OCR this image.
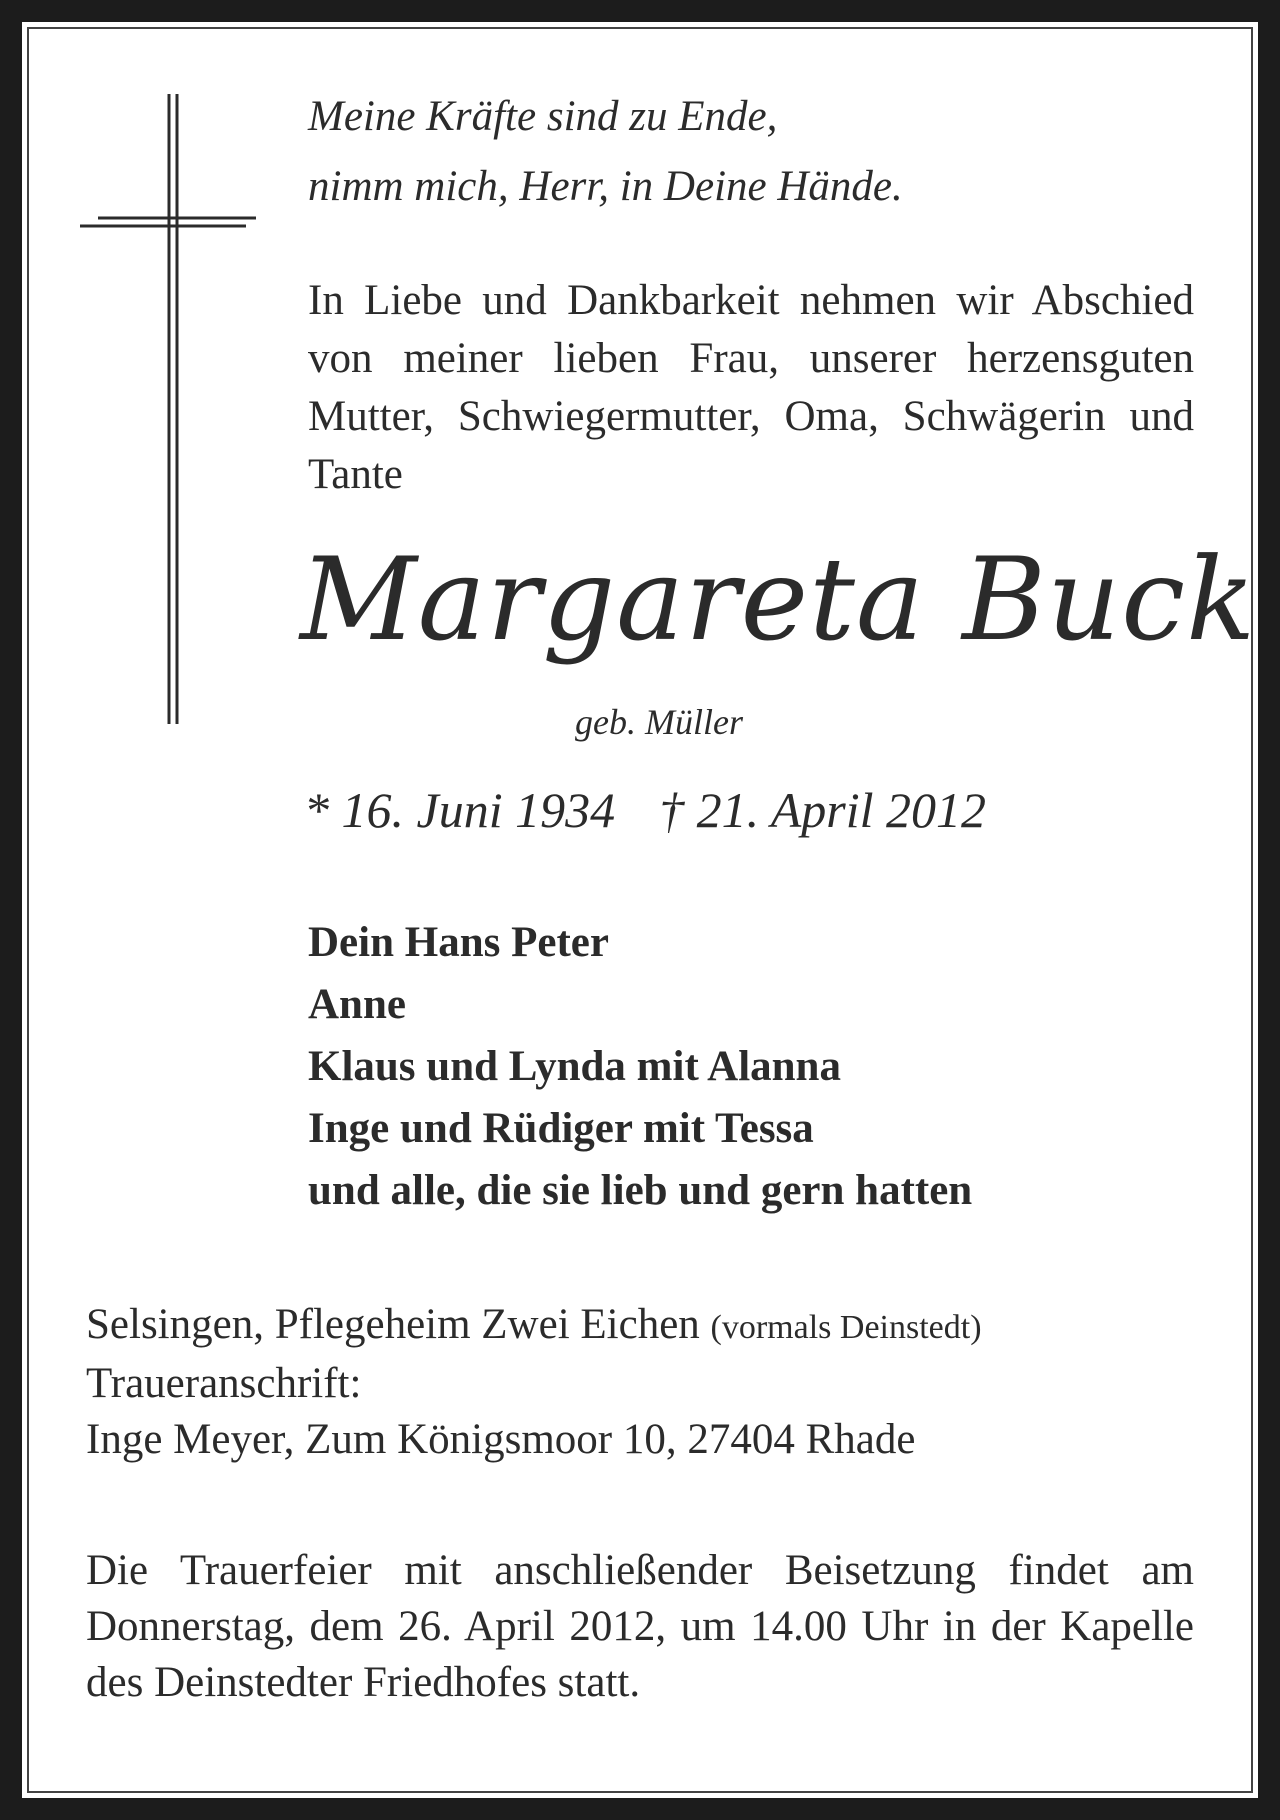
Meine Kräfte sind zu Ende,
nimm mich, Herr, in Deine Hände.

In Liebe und Dankbarkeit nehmen wir Abschied von meiner lieben Frau, unserer herzensguten Mutter, Schwiegermutter, Oma, Schwägerin und Tante

Margareta Buck
geb. Müller
* 16. Juni 1934 † 21. April 2012
Dein Hans Peter
Anne
Klaus und Lynda mit Alanna
Inge und Rüdiger mit Tessa
und alle, die sie lieb und gern hatten
Selsingen, Pflegeheim Zwei Eichen (vormals Deinstedt)
Traueranschrift:
Inge Meyer, Zum Königsmoor 10, 27404 Rhade

Die Trauerfeier mit anschließender Beisetzung findet am Donnerstag, dem 26. April 2012, um 14.00 Uhr in der Kapelle des Deinstedter Friedhofes statt.
